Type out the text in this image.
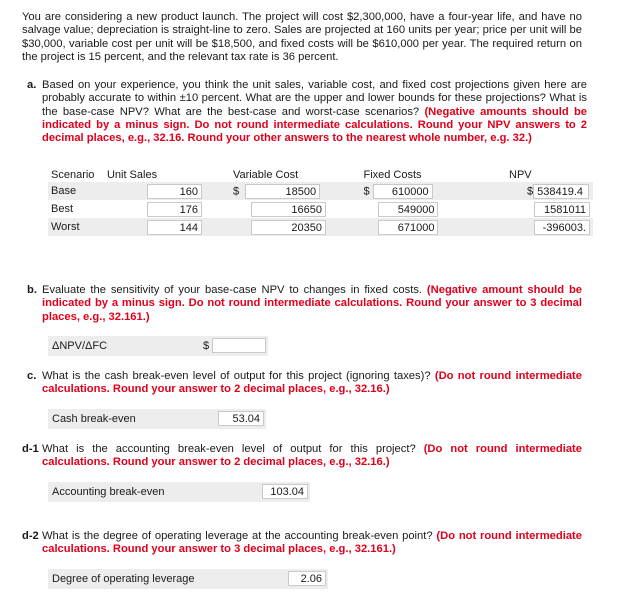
You are considering a new product launch. The project will cost $2,300,000, have a four-year life, and have no salvage value; depreciation is straight-line to zero. Sales are projected at 160 units per year; price per unit will be $30,000, variable cost per unit will be $18,500, and fixed costs will be $610,000 per year. The required return on the project is 15 percent, and the relevant tax rate is 36 percent.
a. Based on your experience, you think the unit sales, variable cost, and fixed cost projections given here are probably accurate to within ±10 percent. What are the upper and lower bounds for these projections? What is the base-case NPV? What are the best-case and worst-case scenarios? (Negative amounts should be indicated by a minus sign. Do not round intermediate calculations. Round your NPV answers to 2 decimal places, e.g., 32.16. Round your other answers to the nearest whole number, e.g. 32.)
Scenario	Unit Sales	Variable Cost	Fixed Costs	NPV
Base	160	$ 18500	$ 610000	$ 538419.4
Best	176	16650	549000	1581011
Worst	144	20350	671000	-396003.
b. Evaluate the sensitivity of your base-case NPV to changes in fixed costs. (Negative amount should be indicated by a minus sign. Do not round intermediate calculations. Round your answer to 3 decimal places, e.g., 32.161.)
ΔNPV/ΔFC	$
c. What is the cash break-even level of output for this project (ignoring taxes)? (Do not round intermediate calculations. Round your answer to 2 decimal places, e.g., 32.16.)
Cash break-even	53.04
d-1 What is the accounting break-even level of output for this project? (Do not round intermediate calculations. Round your answer to 2 decimal places, e.g., 32.16.)
Accounting break-even	103.04
d-2 What is the degree of operating leverage at the accounting break-even point? (Do not round intermediate calculations. Round your answer to 3 decimal places, e.g., 32.161.)
Degree of operating leverage	2.06
